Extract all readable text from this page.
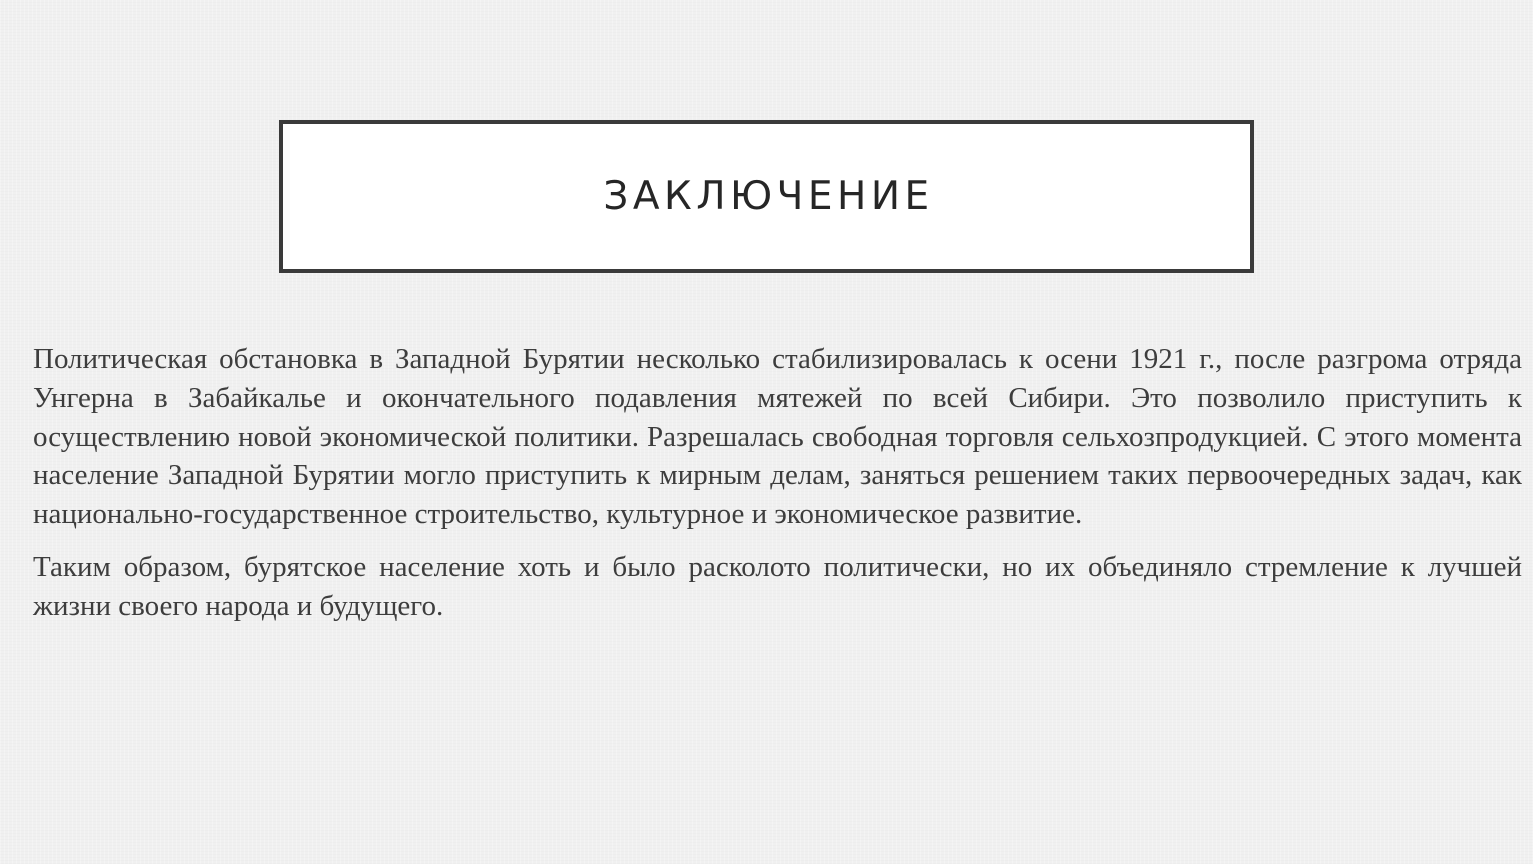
ЗАКЛЮЧЕНИЕ

Политическая обстановка в Западной Бурятии несколько стабилизировалась к осени 1921 г., после разгрома отряда Унгерна в Забайкалье и окончательного подавления мятежей по всей Сибири. Это позволило приступить к осуществлению новой экономической политики. Разрешалась свободная торговля сельхозпродукцией. С этого момента население Западной Бурятии могло приступить к мирным делам, заняться решением таких первоочередных задач, как национально-государственное строительство, культурное и экономическое развитие.

Таким образом, бурятское население хоть и было расколото политически, но их объединяло стремление к лучшей жизни своего народа и будущего.
